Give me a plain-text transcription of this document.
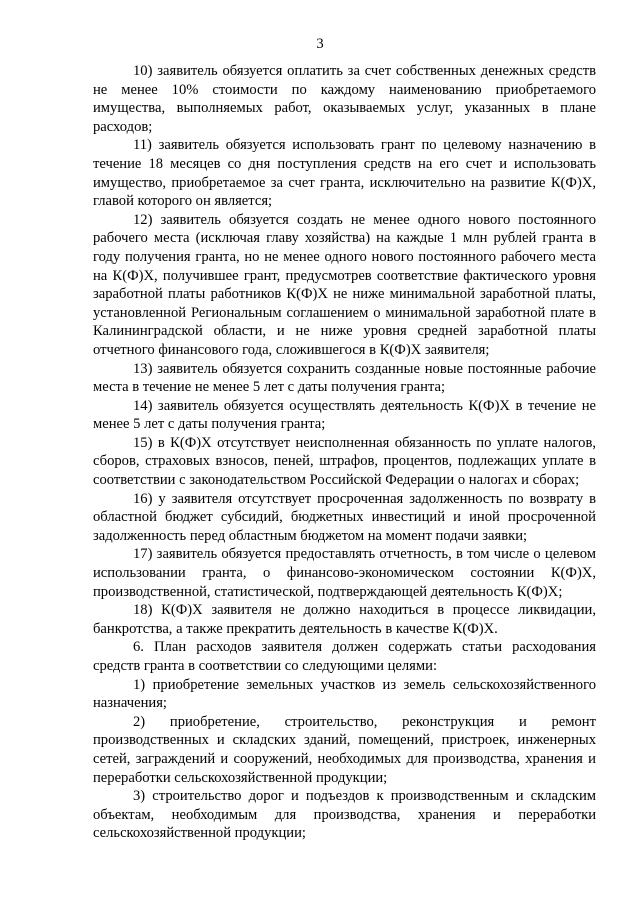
3

10) заявитель обязуется оплатить за счет собственных денежных средств не менее 10% стоимости по каждому наименованию приобретаемого имущества, выполняемых работ, оказываемых услуг, указанных в плане расходов;

11) заявитель обязуется использовать грант по целевому назначению в течение 18 месяцев со дня поступления средств на его счет и использовать имущество, приобретаемое за счет гранта, исключительно на развитие К(Ф)Х, главой которого он является;

12) заявитель обязуется создать не менее одного нового постоянного рабочего места (исключая главу хозяйства) на каждые 1 млн рублей гранта в году получения гранта, но не менее одного нового постоянного рабочего места на К(Ф)Х, получившее грант, предусмотрев соответствие фактического уровня заработной платы работников К(Ф)Х не ниже минимальной заработной платы, установленной Региональным соглашением о минимальной заработной плате в Калининградской области, и не ниже уровня средней заработной платы отчетного финансового года, сложившегося в К(Ф)Х заявителя;

13) заявитель обязуется сохранить созданные новые постоянные рабочие места в течение не менее 5 лет с даты получения гранта;

14) заявитель обязуется осуществлять деятельность К(Ф)Х в течение не менее 5 лет с даты получения гранта;

15) в К(Ф)Х отсутствует неисполненная обязанность по уплате налогов, сборов, страховых взносов, пеней, штрафов, процентов, подлежащих уплате в соответствии с законодательством Российской Федерации о налогах и сборах;

16) у заявителя отсутствует просроченная задолженность по возврату в областной бюджет субсидий, бюджетных инвестиций и иной просроченной задолженность перед областным бюджетом на момент подачи заявки;

17) заявитель обязуется предоставлять отчетность, в том числе о целевом использовании гранта, о финансово-экономическом состоянии К(Ф)Х, производственной, статистической, подтверждающей деятельность К(Ф)Х;

18) К(Ф)Х заявителя не должно находиться в процессе ликвидации, банкротства, а также прекратить деятельность в качестве К(Ф)Х.

6. План расходов заявителя должен содержать статьи расходования средств гранта в соответствии со следующими целями:

1) приобретение земельных участков из земель сельскохозяйственного назначения;

2) приобретение, строительство, реконструкция и ремонт производственных и складских зданий, помещений, пристроек, инженерных сетей, заграждений и сооружений, необходимых для производства, хранения и переработки сельскохозяйственной продукции;

3) строительство дорог и подъездов к производственным и складским объектам, необходимым для производства, хранения и переработки сельскохозяйственной продукции;
